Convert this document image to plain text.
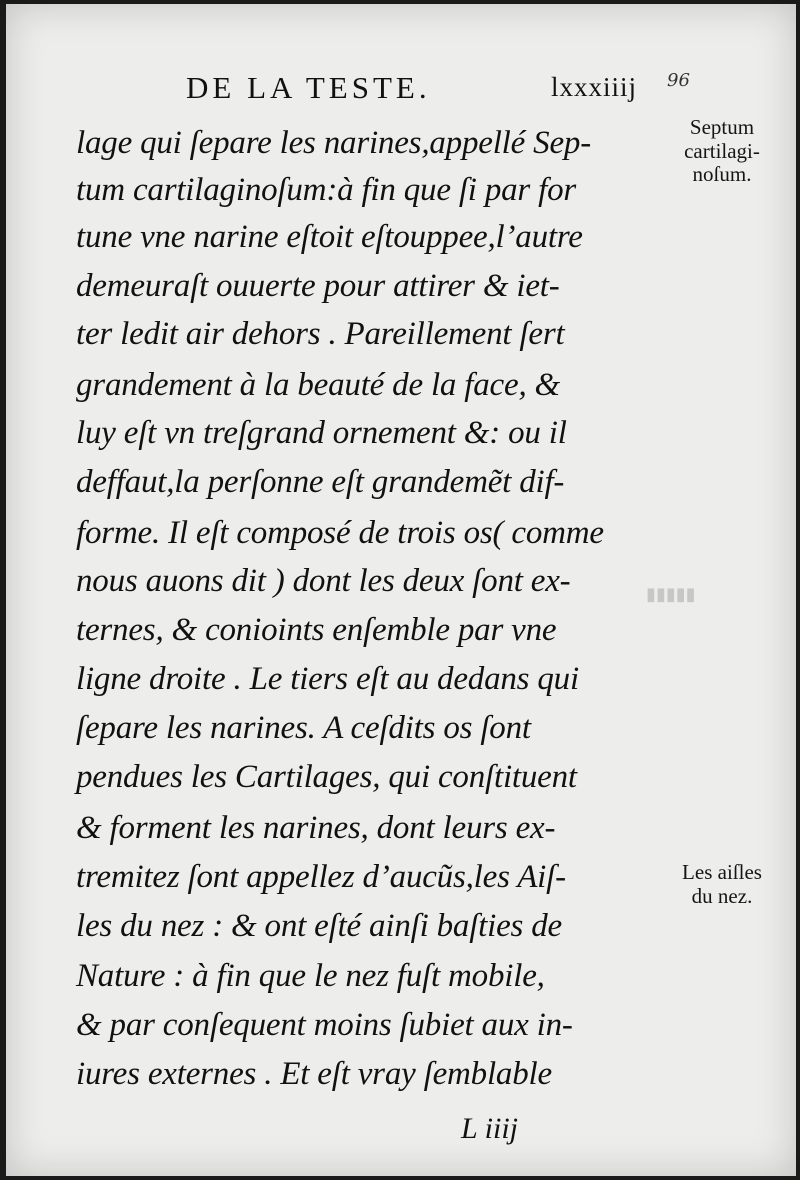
DE LA TESTE.	lxxxiiij 96
lage qui ſepare les narines,appellé Sep-
tum cartilaginoſum:à fin que ſi par for
tune vne narine eſtoit eſtouppee,l’autre
demeuraſt ouuerte pour attirer & iet-
ter ledit air dehors . Pareillement ſert
grandement à la beauté de la face, &
luy eſt vn treſgrand ornement &: ou il
deffaut,la perſonne eſt grandemẽt dif-
forme. Il eſt composé de trois os( comme
nous auons dit ) dont les deux ſont ex-
ternes, & conioints enſemble par vne
ligne droite . Le tiers eſt au dedans qui
ſepare les narines. A ceſdits os ſont
pendues les Cartilages, qui conſtituent
& forment les narines, dont leurs ex-
tremitez ſont appellez d’aucũs,les Aiſ-
les du nez : & ont eſté ainſi baſties de
Nature : à fin que le nez fuſt mobile,
& par conſequent moins ſubiet aux in-
iures externes . Et eſt vray ſemblable
Septum
cartilagi-
noſum.
Les aiſles
du nez.
▮▮▮▮▮
L iiij
